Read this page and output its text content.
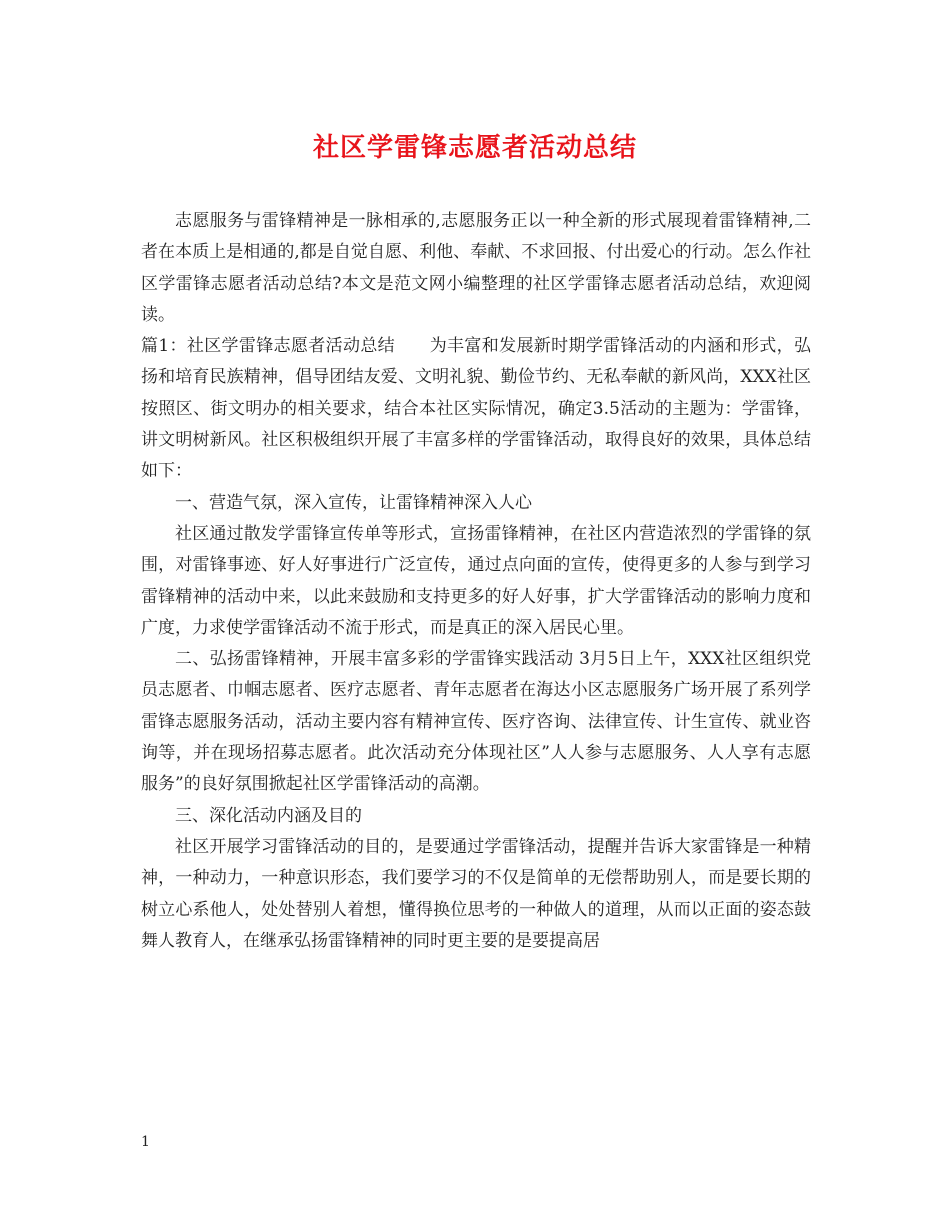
社区学雷锋志愿者活动总结

志愿服务与雷锋精神是一脉相承的,志愿服务正以一种全新的形式展现着雷锋精神,二者在本质上是相通的,都是自觉自愿、利他、奉献、不求回报、付出爱心的行动。怎么作社区学雷锋志愿者活动总结?本文是范文网小编整理的社区学雷锋志愿者活动总结，欢迎阅读。

篇1：社区学雷锋志愿者活动总结　　为丰富和发展新时期学雷锋活动的内涵和形式，弘扬和培育民族精神，倡导团结友爱、文明礼貌、勤俭节约、无私奉献的新风尚，XXX社区按照区、街文明办的相关要求，结合本社区实际情况，确定3.5活动的主题为：学雷锋，讲文明树新风。社区积极组织开展了丰富多样的学雷锋活动，取得良好的效果，具体总结如下：

一、营造气氛，深入宣传，让雷锋精神深入人心

社区通过散发学雷锋宣传单等形式，宣扬雷锋精神，在社区内营造浓烈的学雷锋的氛围，对雷锋事迹、好人好事进行广泛宣传，通过点向面的宣传，使得更多的人参与到学习雷锋精神的活动中来，以此来鼓励和支持更多的好人好事，扩大学雷锋活动的影响力度和广度，力求使学雷锋活动不流于形式，而是真正的深入居民心里。

二、弘扬雷锋精神，开展丰富多彩的学雷锋实践活动 3月5日上午，XXX社区组织党员志愿者、巾帼志愿者、医疗志愿者、青年志愿者在海达小区志愿服务广场开展了系列学雷锋志愿服务活动，活动主要内容有精神宣传、医疗咨询、法律宣传、计生宣传、就业咨询等，并在现场招募志愿者。此次活动充分体现社区”人人参与志愿服务、人人享有志愿服务”的良好氛围掀起社区学雷锋活动的高潮。

三、深化活动内涵及目的

社区开展学习雷锋活动的目的，是要通过学雷锋活动，提醒并告诉大家雷锋是一种精神，一种动力，一种意识形态，我们要学习的不仅是简单的无偿帮助别人，而是要长期的树立心系他人，处处替别人着想，懂得换位思考的一种做人的道理，从而以正面的姿态鼓舞人教育人，在继承弘扬雷锋精神的同时更主要的是要提高居

1
